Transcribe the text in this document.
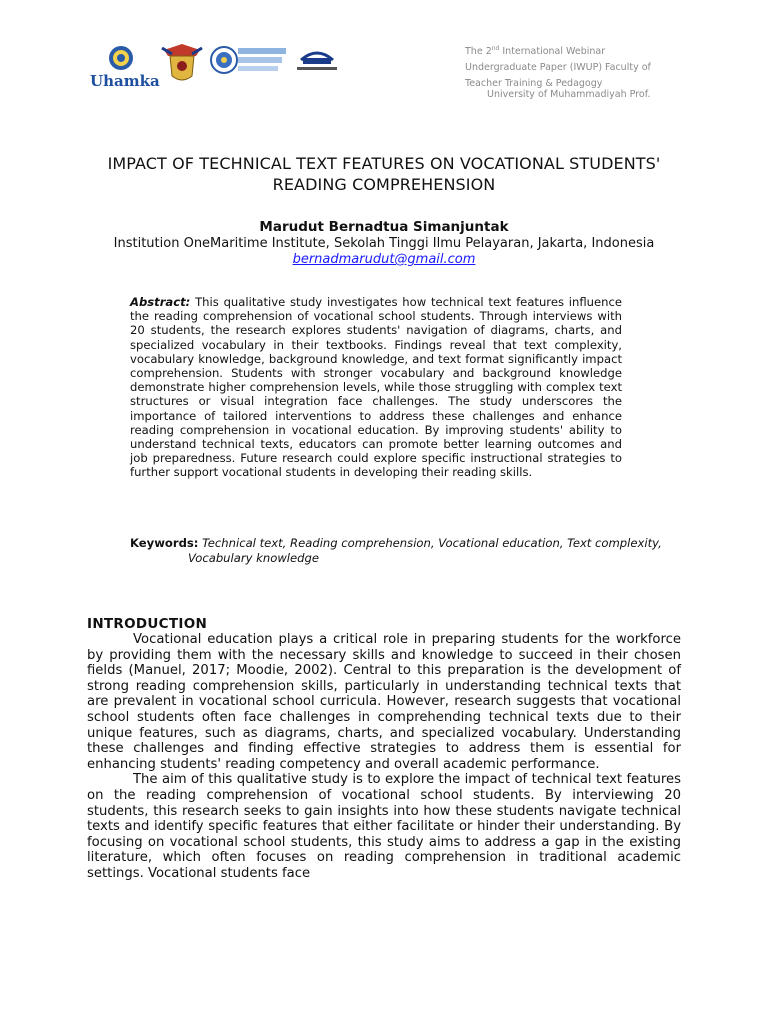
Uhamka
The 2nd International Webinar
Undergraduate Paper (IWUP) Faculty of
Teacher Training & Pedagogy
University of Muhammadiyah Prof.
IMPACT OF TECHNICAL TEXT FEATURES ON VOCATIONAL STUDENTS' READING COMPREHENSION
Marudut Bernadtua Simanjuntak
Institution OneMaritime Institute, Sekolah Tinggi Ilmu Pelayaran, Jakarta, Indonesia
bernadmarudut@gmail.com

Abstract: This qualitative study investigates how technical text features influence the reading comprehension of vocational school students. Through interviews with 20 students, the research explores students' navigation of diagrams, charts, and specialized vocabulary in their textbooks. Findings reveal that text complexity, vocabulary knowledge, background knowledge, and text format significantly impact comprehension. Students with stronger vocabulary and background knowledge demonstrate higher comprehension levels, while those struggling with complex text structures or visual integration face challenges. The study underscores the importance of tailored interventions to address these challenges and enhance reading comprehension in vocational education. By improving students' ability to understand technical texts, educators can promote better learning outcomes and job preparedness. Future research could explore specific instructional strategies to further support vocational students in developing their reading skills.

Keywords: Technical text, Reading comprehension, Vocational education, Text complexity,
Vocabulary knowledge

INTRODUCTION

Vocational education plays a critical role in preparing students for the workforce by providing them with the necessary skills and knowledge to succeed in their chosen fields (Manuel, 2017; Moodie, 2002). Central to this preparation is the development of strong reading comprehension skills, particularly in understanding technical texts that are prevalent in vocational school curricula. However, research suggests that vocational school students often face challenges in comprehending technical texts due to their unique features, such as diagrams, charts, and specialized vocabulary. Understanding these challenges and finding effective strategies to address them is essential for enhancing students' reading competency and overall academic performance.

The aim of this qualitative study is to explore the impact of technical text features on the reading comprehension of vocational school students. By interviewing 20 students, this research seeks to gain insights into how these students navigate technical texts and identify specific features that either facilitate or hinder their understanding. By focusing on vocational school students, this study aims to address a gap in the existing literature, which often focuses on reading comprehension in traditional academic settings. Vocational students face
